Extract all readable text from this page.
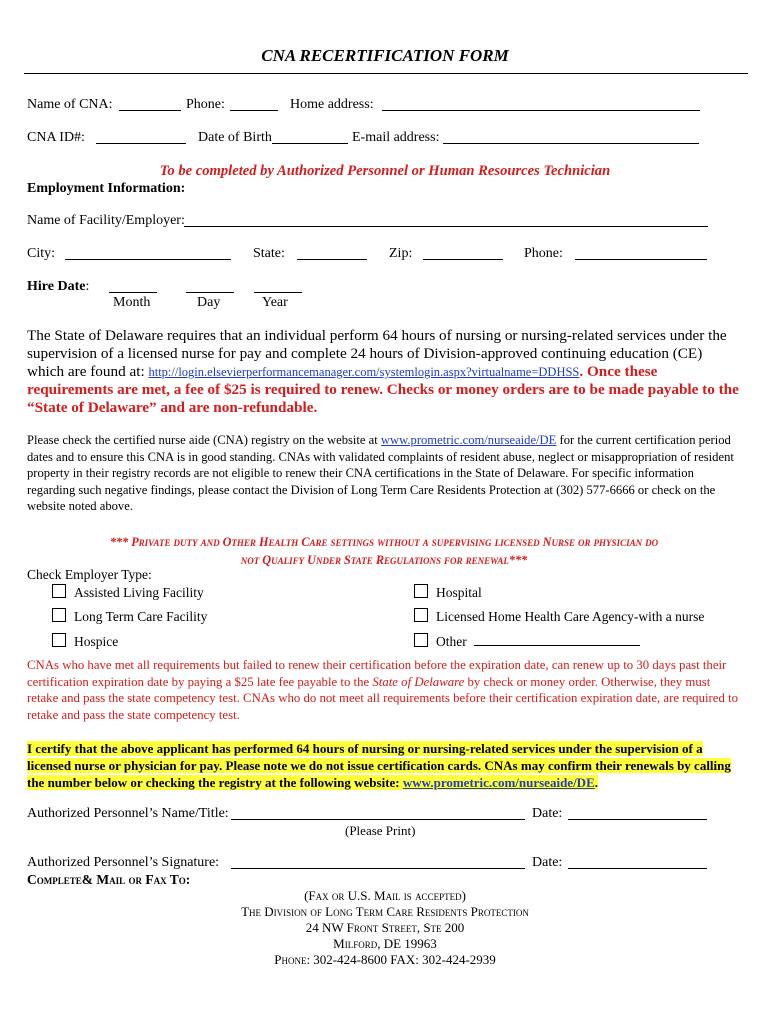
CNA RECERTIFICATION FORM
Name of CNA:	Phone:	Home address:
CNA ID#:	Date of Birth	E-mail address:
To be completed by Authorized Personnel or Human Resources Technician
Employment Information:
Name of Facility/Employer:
City:	State:	Zip:	Phone:
Hire Date:
Month	Day	Year
The State of Delaware requires that an individual perform 64 hours of nursing or nursing-related services under the supervision of a licensed nurse for pay and complete 24 hours of Division-approved continuing education (CE) which are found at: http://login.elsevierperformancemanager.com/systemlogin.aspx?virtualname=DDHSS. Once these requirements are met, a fee of $25 is required to renew. Checks or money orders are to be made payable to the “State of Delaware” and are non-refundable.
Please check the certified nurse aide (CNA) registry on the website at www.prometric.com/nurseaide/DE for the current certification period dates and to ensure this CNA is in good standing. CNAs with validated complaints of resident abuse, neglect or misappropriation of resident property in their registry records are not eligible to renew their CNA certifications in the State of Delaware. For specific information regarding such negative findings, please contact the Division of Long Term Care Residents Protection at (302) 577-6666 or check on the website noted above.
*** Private duty and Other Health Care settings without a supervising licensed Nurse or physician do
not Qualify Under State Regulations for renewal***
Check Employer Type:
Assisted Living Facility	Hospital
Long Term Care Facility	Licensed Home Health Care Agency-with a nurse
Hospice	Other
CNAs who have met all requirements but failed to renew their certification before the expiration date, can renew up to 30 days past their certification expiration date by paying a $25 late fee payable to the State of Delaware by check or money order. Otherwise, they must retake and pass the state competency test. CNAs who do not meet all requirements before their certification expiration date, are required to retake and pass the state competency test.
I certify that the above applicant has performed 64 hours of nursing or nursing-related services under the supervision of a licensed nurse or physician for pay. Please note we do not issue certification cards. CNAs may confirm their renewals by calling the number below or checking the registry at the following website: www.prometric.com/nurseaide/DE.
Authorized Personnel’s Name/Title:	Date:
(Please Print)
Authorized Personnel’s Signature:	Date:
Complete& Mail or Fax To:
(Fax or U.S. Mail is accepted)
The Division of Long Term Care Residents Protection
24 NW Front Street, Ste 200
Milford, DE 19963
Phone: 302-424-8600 FAX: 302-424-2939
